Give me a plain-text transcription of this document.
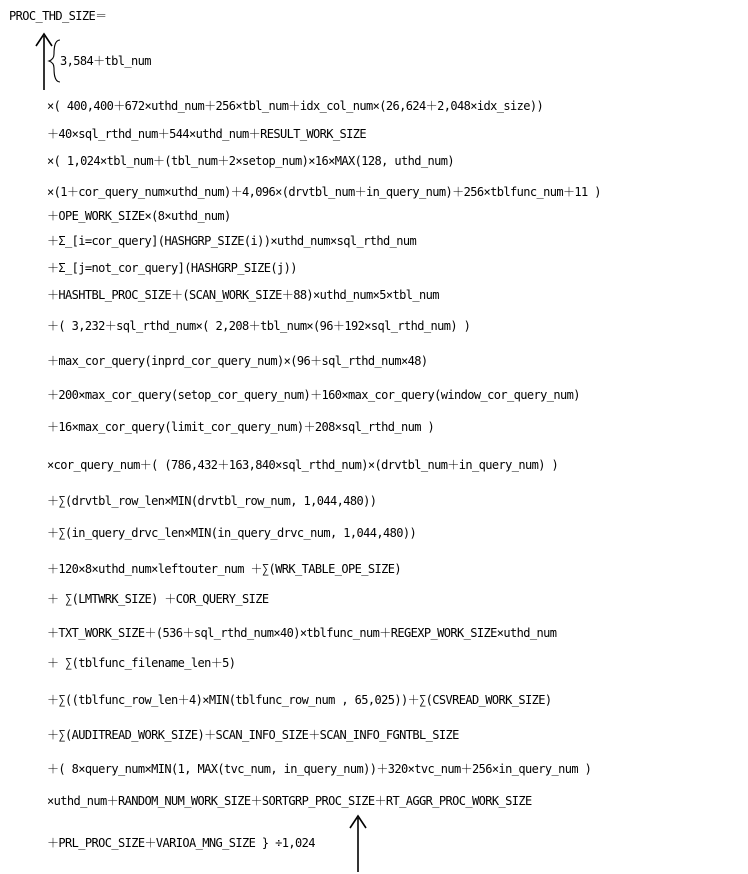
PROC_THD_SIZE＝
3,584＋tbl_num
×( 400,400＋672×uthd_num＋256×tbl_num＋idx_col_num×(26,624＋2,048×idx_size))
＋40×sql_rthd_num＋544×uthd_num＋RESULT_WORK_SIZE
×( 1,024×tbl_num＋(tbl_num＋2×setop_num)×16×MAX(128, uthd_num)
×(1＋cor_query_num×uthd_num)＋4,096×(drvtbl_num＋in_query_num)＋256×tblfunc_num＋11 )
＋OPE_WORK_SIZE×(8×uthd_num)
＋Σ_[i=cor_query](HASHGRP_SIZE(i))×uthd_num×sql_rthd_num
＋Σ_[j=not_cor_query](HASHGRP_SIZE(j))
＋HASHTBL_PROC_SIZE＋(SCAN_WORK_SIZE＋88)×uthd_num×5×tbl_num
＋( 3,232＋sql_rthd_num×( 2,208＋tbl_num×(96＋192×sql_rthd_num) )
＋max_cor_query(inprd_cor_query_num)×(96＋sql_rthd_num×48)
＋200×max_cor_query(setop_cor_query_num)＋160×max_cor_query(window_cor_query_num)
＋16×max_cor_query(limit_cor_query_num)＋208×sql_rthd_num )
×cor_query_num＋( (786,432＋163,840×sql_rthd_num)×(drvtbl_num＋in_query_num) )
＋∑(drvtbl_row_len×MIN(drvtbl_row_num, 1,044,480))
＋∑(in_query_drvc_len×MIN(in_query_drvc_num, 1,044,480))
＋120×8×uthd_num×leftouter_num ＋∑(WRK_TABLE_OPE_SIZE)
＋ ∑(LMTWRK_SIZE) ＋COR_QUERY_SIZE
＋TXT_WORK_SIZE＋(536＋sql_rthd_num×40)×tblfunc_num＋REGEXP_WORK_SIZE×uthd_num
＋ ∑(tblfunc_filename_len＋5)
＋∑((tblfunc_row_len＋4)×MIN(tblfunc_row_num , 65,025))＋∑(CSVREAD_WORK_SIZE)
＋∑(AUDITREAD_WORK_SIZE)＋SCAN_INFO_SIZE＋SCAN_INFO_FGNTBL_SIZE
＋( 8×query_num×MIN(1, MAX(tvc_num, in_query_num))＋320×tvc_num＋256×in_query_num )
×uthd_num＋RANDOM_NUM_WORK_SIZE＋SORTGRP_PROC_SIZE＋RT_AGGR_PROC_WORK_SIZE
＋PRL_PROC_SIZE＋VARIOA_MNG_SIZE } ÷1,024
